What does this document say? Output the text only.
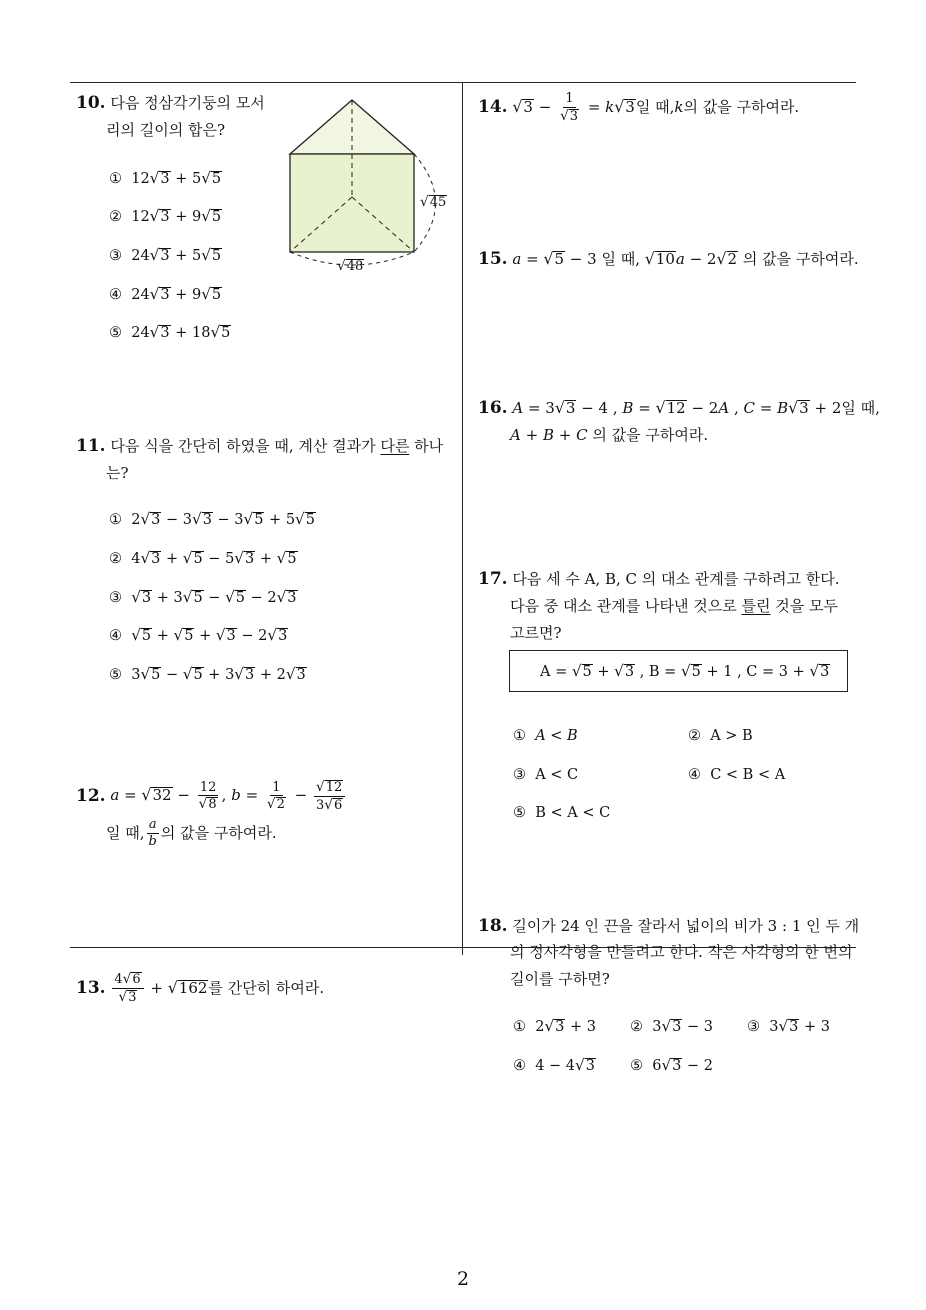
2
10. 다음 정삼각기둥의 모서
리의 길이의 합은?
√45
√48
① 12√3 + 5√5
② 12√3 + 9√5
③ 24√3 + 5√5
④ 24√3 + 9√5
⑤ 24√3 + 18√5
11. 다음 식을 간단히 하였을 때, 계산 결과가 다른 하나
는?
①  2√3 − 3√3 − 3√5 + 5√5
②  4√3 + √5 − 5√3 + √5
③ √3 + 3√5 − √5 − 2√3
④ √5 + √5 + √3 − 2√3
⑤  3√5 − √5 + 3√3 + 2√3
12.
$a = √32 - \frac{12}{√8}$ , $b = \frac{1}{√2} - \frac{√12}{3√6}$
일 때, $\frac{a}{b}$ 의 값을 구하여라.
13.
$\frac{4√6}{√3} + √162$ 를 간단히 하여라.
14.
$√3 - \frac{1}{√3} = k$ √3 일 때, k 의 값을 구하여라.
15. a = √5 − 3 일 때, √10a − 2√2 의 값을 구하여라.
16. A = 3√3 − 4 , B = √12 − 2A , C = B√3 + 2일 때,
A + B + C 의 값을 구하여라.
17. 다음 세 수 A, B, C 의 대소 관계를 구하려고 한다.
다음 중 대소 관계를 나타낸 것으로 틀린 것을 모두
고르면?
A = √5 + √3 , B = √5 + 1 , C = 3 + √3
① A < B	② A > B
③ A < C	④ C < B < A
⑤ B < A < C
18. 길이가 24 인 끈을 잘라서 넓이의 비가 3 : 1 인 두 개
의 정사각형을 만들려고 한다. 작은 사각형의 한 변의
길이를 구하면?
①  2√3 + 3 ②  3√3 − 3 ③  3√3 + 3
④  4 − 4√3 ⑤  6√3 − 2
